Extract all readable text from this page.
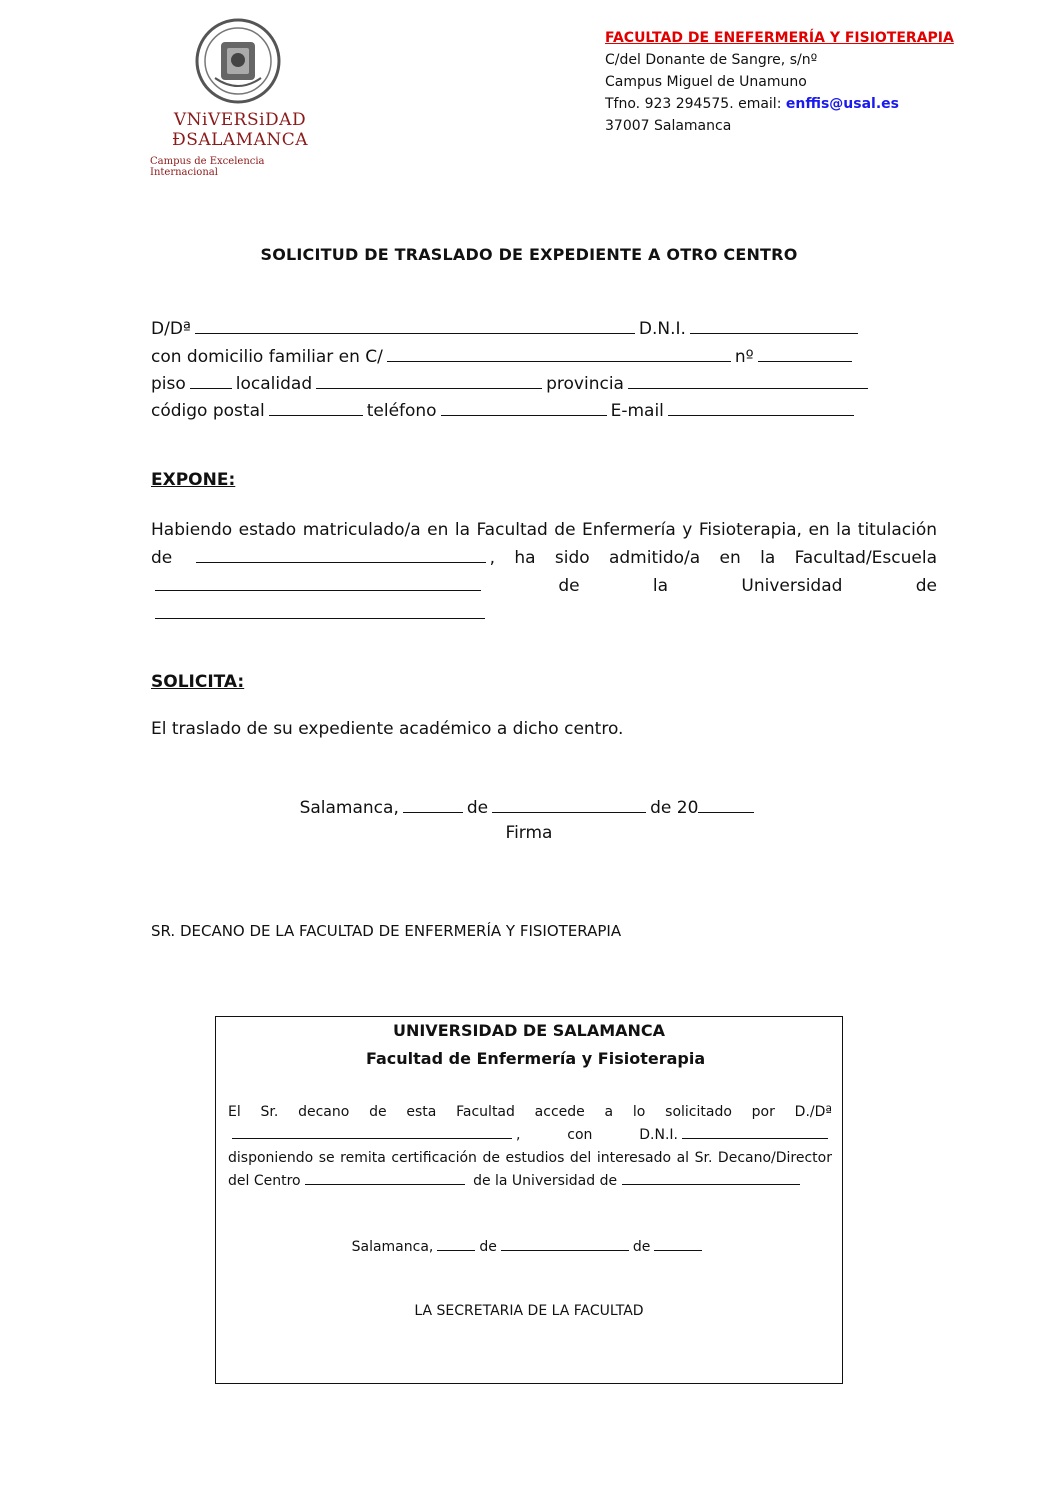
VNiVERSiDAD
ÐSALAMANCA
Campus de Excelencia Internacional
FACULTAD DE ENEFERMERÍA Y FISIOTERAPIA
C/del Donante de Sangre, s/nº
Campus Miguel de Unamuno
Tfno. 923 294575. email: enffis@usal.es
37007 Salamanca
SOLICITUD DE TRASLADO DE EXPEDIENTE A OTRO CENTRO
D/Dª	D.N.I.
con domicilio familiar en C/	nº
piso	localidad	provincia
código postal	teléfono	E-mail
EXPONE:
Habiendo estado matriculado/a en la Facultad de Enfermería y Fisioterapia, en la titulación de	, ha sido admitido/a en la Facultad/Escuela  de la Universidad de
SOLICITA:
El traslado de su expediente académico a dicho centro.
Salamanca,	de	de 20
Firma
SR. DECANO DE LA FACULTAD DE ENFERMERÍA Y FISIOTERAPIA
UNIVERSIDAD DE SALAMANCA
Facultad de Enfermería y Fisioterapia
El Sr. decano de esta Facultad accede a lo solicitado por D./Dª, con D.N.I. disponiendo se remita certificación de estudios del interesado al Sr. Decano/Director del Centro	de la Universidad de
Salamanca,	de	de
LA SECRETARIA DE LA FACULTAD
